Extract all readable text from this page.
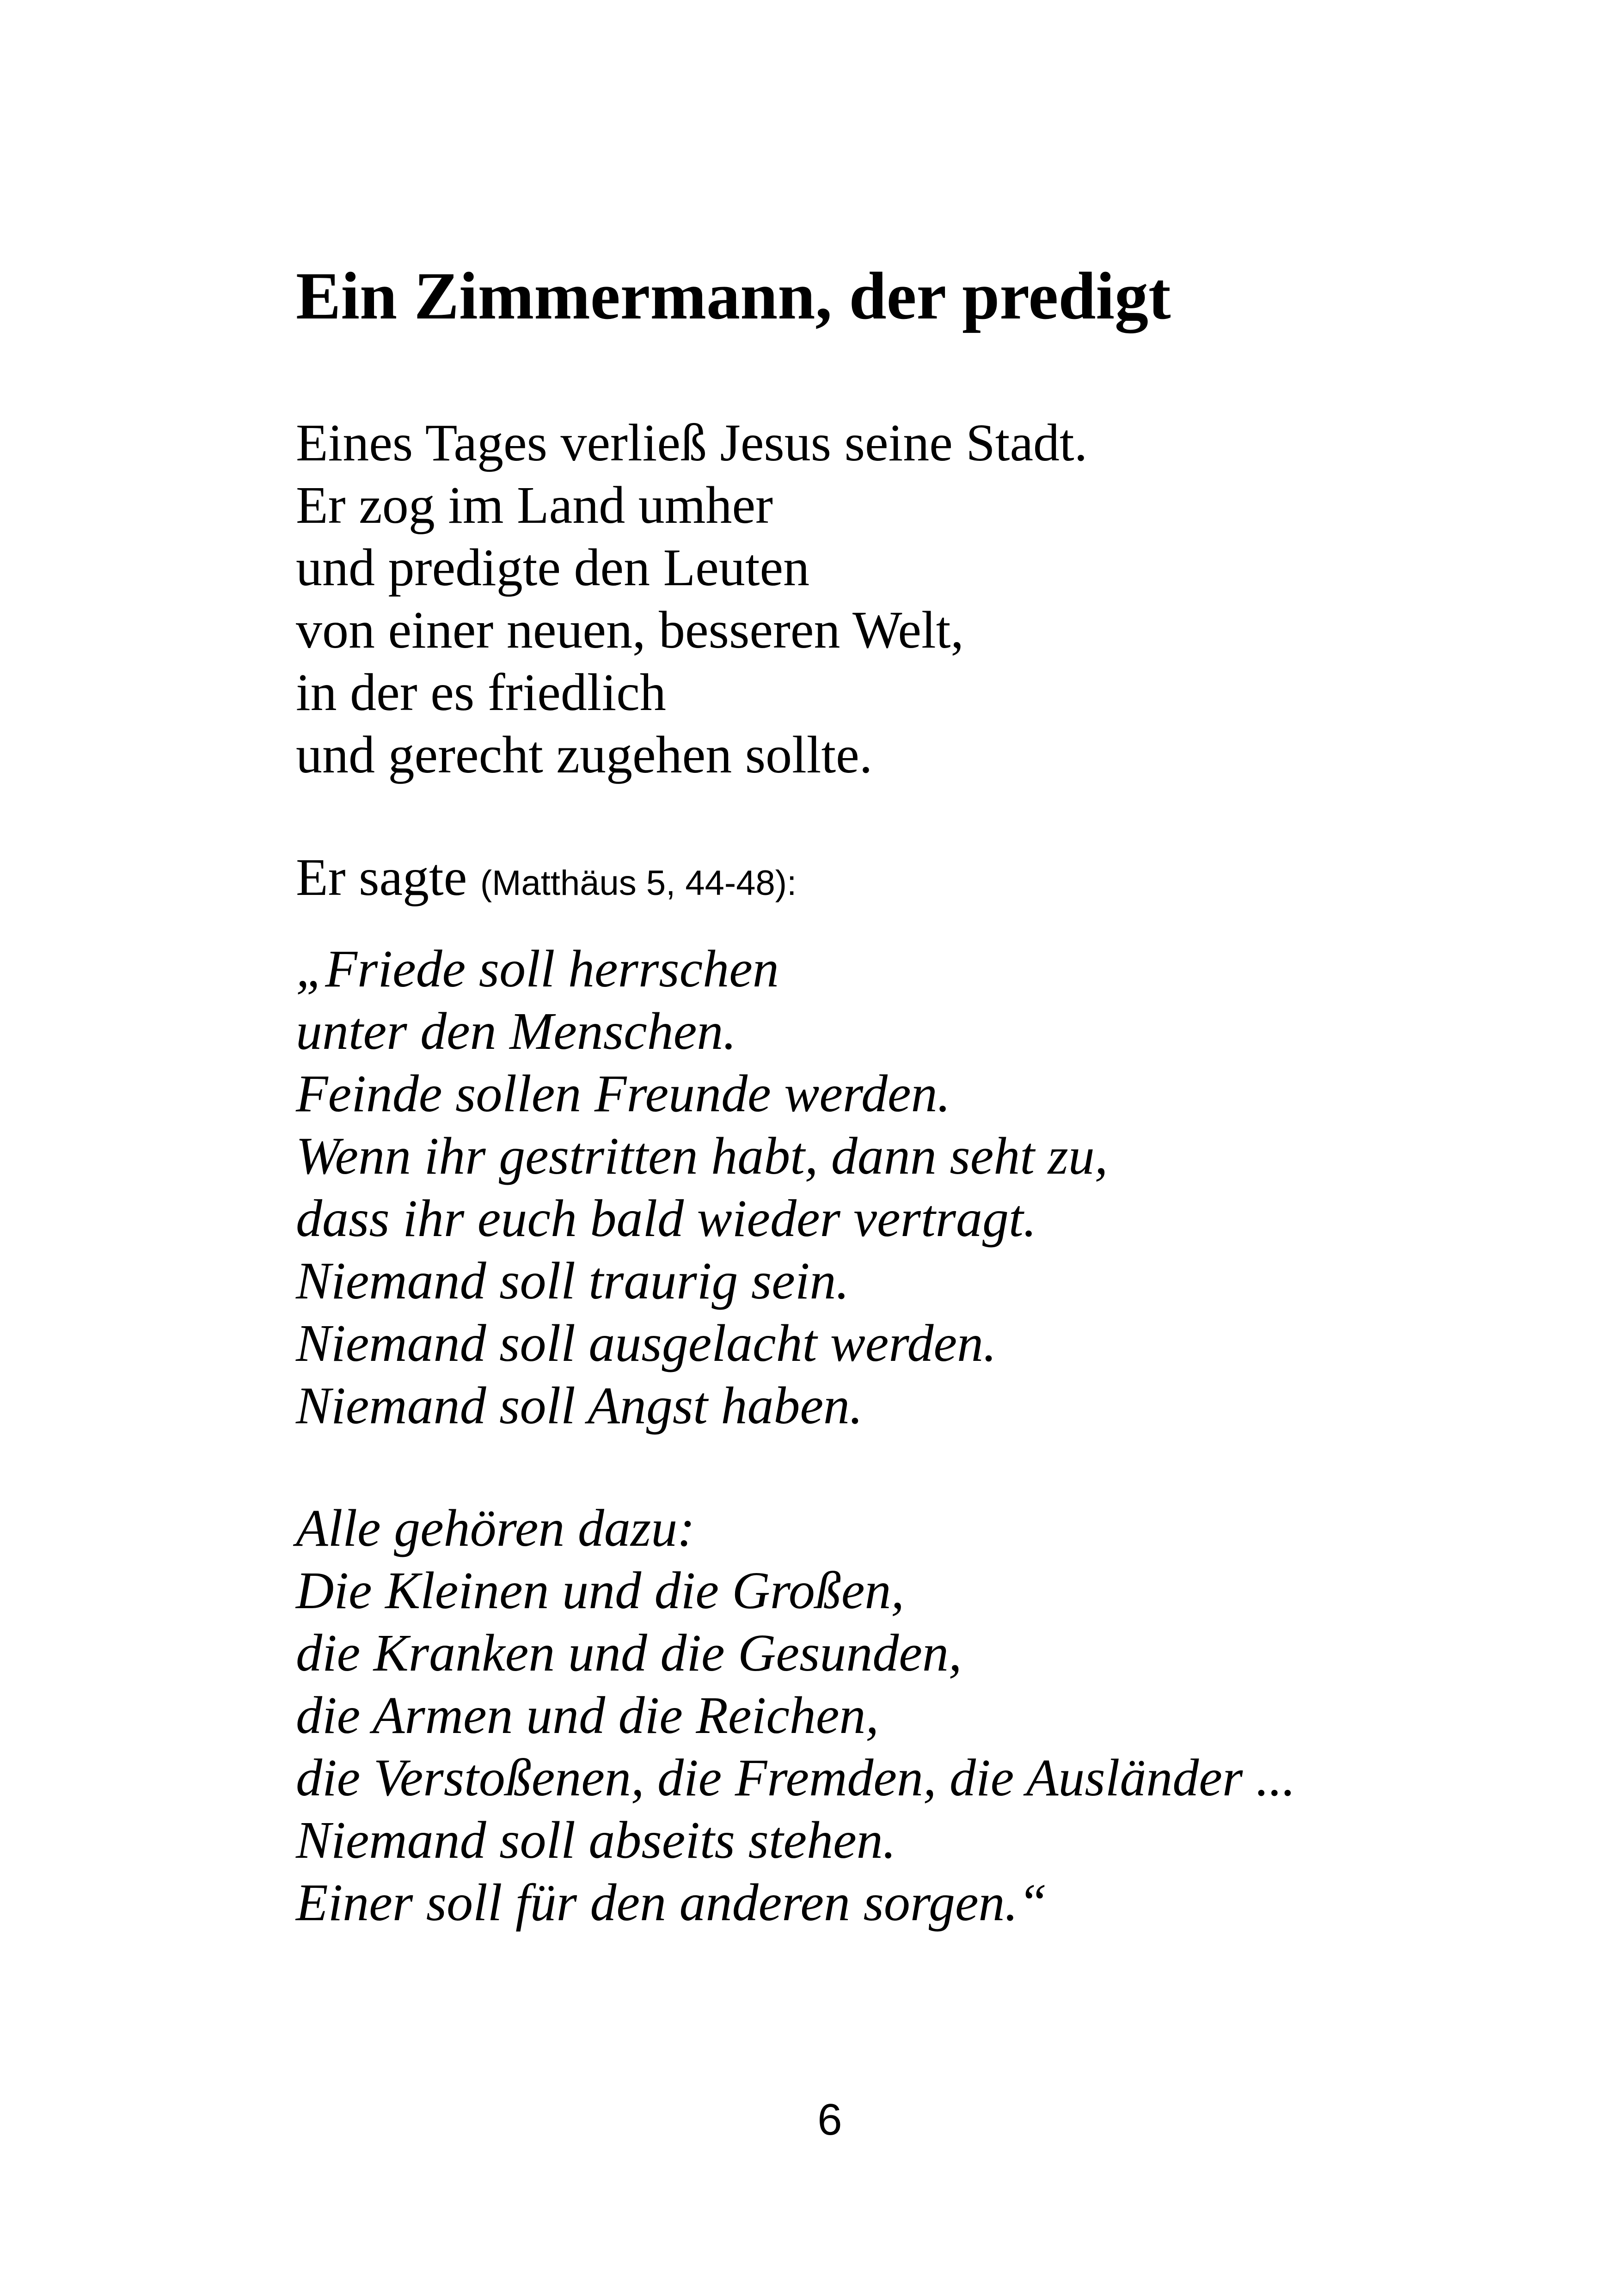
Ein Zimmermann, der predigt

Eines Tages verließ Jesus seine Stadt.
Er zog im Land umher
und predigte den Leuten
von einer neuen, besseren Welt,
in der es friedlich
und gerecht zugehen sollte.

Er sagte (Matthäus 5, 44-48):

„Friede soll herrschen
unter den Menschen.
Feinde sollen Freunde werden.
Wenn ihr gestritten habt, dann seht zu,
dass ihr euch bald wieder vertragt.
Niemand soll traurig sein.
Niemand soll ausgelacht werden.
Niemand soll Angst haben.

Alle gehören dazu:
Die Kleinen und die Großen,
die Kranken und die Gesunden,
die Armen und die Reichen,
die Verstoßenen, die Fremden, die Ausländer ...
Niemand soll abseits stehen.
Einer soll für den anderen sorgen.“

6
